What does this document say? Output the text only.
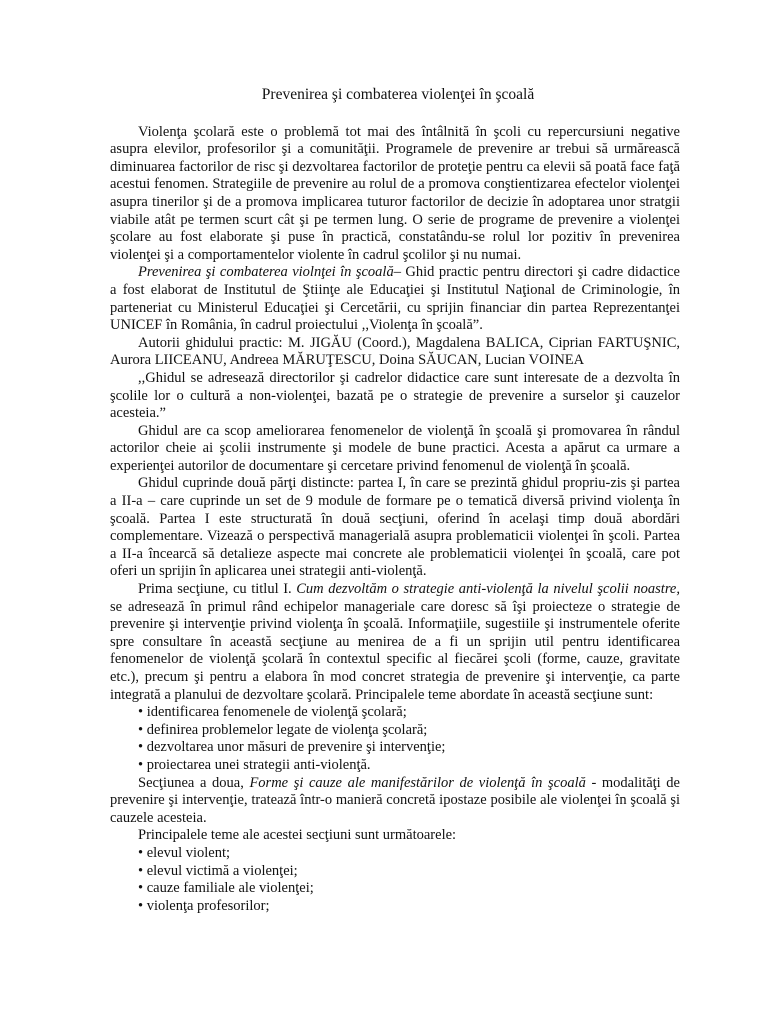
Prevenirea şi combaterea violenţei în şcoală

Violenţa şcolară este o problemă tot mai des întâlnită în şcoli cu repercursiuni negative asupra elevilor, profesorilor şi a comunităţii. Programele de prevenire ar trebui să urmărească diminuarea factorilor de risc şi dezvoltarea factorilor de proteţie pentru ca elevii să poată face faţă acestui fenomen. Strategiile de prevenire au rolul de a promova conştientizarea efectelor violenţei asupra tinerilor şi de a promova implicarea tuturor factorilor de decizie în adoptarea unor stratgii viabile atât pe termen scurt cât şi pe termen lung. O serie de programe de prevenire a violenţei şcolare au fost elaborate şi puse în practică, constatându-se rolul lor pozitiv în prevenirea violenţei şi a comportamentelor violente în cadrul şcolilor şi nu numai.

Prevenirea şi combaterea violnţei în şcoală– Ghid practic pentru directori şi cadre didactice a fost elaborat de Institutul de Ştiinţe ale Educaţiei şi Institutul Naţional de Criminologie, în parteneriat cu Ministerul Educaţiei şi Cercetării, cu sprijin financiar din partea Reprezentanţei UNICEF în România, în cadrul proiectului ,,Violenţa în şcoală”.

Autorii ghidului practic: M. JIGĂU (Coord.), Magdalena BALICA, Ciprian FARTUŞNIC, Aurora LIICEANU, Andreea MĂRUŢESCU, Doina SĂUCAN, Lucian VOINEA

,,Ghidul se adresează directorilor şi cadrelor didactice care sunt interesate de a dezvolta în şcolile lor o cultură a non-violenţei, bazată pe o strategie de prevenire a surselor şi cauzelor acesteia.”

Ghidul are ca scop ameliorarea fenomenelor de violenţă în şcoală şi promovarea în rândul actorilor cheie ai şcolii instrumente şi modele de bune practici. Acesta a apărut ca urmare a experienţei autorilor de documentare şi cercetare privind fenomenul de violenţă în şcoală.

Ghidul cuprinde două părţi distincte: partea I, în care se prezintă ghidul propriu-zis şi partea a II-a – care cuprinde un set de 9 module de formare pe o tematică diversă privind violenţa în şcoală. Partea I este structurată în două secţiuni, oferind în acelaşi timp două abordări complementare. Vizează o perspectivă managerială asupra problematicii violenţei în şcoli. Partea a II-a încearcă să detalieze aspecte mai concrete ale problematicii violenţei în şcoală, care pot oferi un sprijin în aplicarea unei strategii anti-violenţă.

Prima secţiune, cu titlul I. Cum dezvoltăm o strategie anti-violenţă la nivelul şcolii noastre, se adresează în primul rând echipelor manageriale care doresc să îşi proiecteze o strategie de prevenire şi intervenţie privind violenţa în şcoală. Informaţiile, sugestiile şi instrumentele oferite spre consultare în această secţiune au menirea de a fi un sprijin util pentru identificarea fenomenelor de violenţă şcolară în contextul specific al fiecărei şcoli (forme, cauze, gravitate etc.), precum şi pentru a elabora în mod concret strategia de prevenire şi intervenţie, ca parte integrată a planului de dezvoltare şcolară. Principalele teme abordate în această secţiune sunt:

• identificarea fenomenele de violenţă şcolară;

• definirea problemelor legate de violenţa şcolară;

• dezvoltarea unor măsuri de prevenire şi intervenţie;

• proiectarea unei strategii anti-violenţă.

Secţiunea a doua, Forme şi cauze ale manifestărilor de violenţă în şcoală - modalităţi de prevenire şi intervenţie, tratează într-o manieră concretă ipostaze posibile ale violenţei în şcoală şi cauzele acesteia.

Principalele teme ale acestei secţiuni sunt următoarele:

• elevul violent;

• elevul victimă a violenţei;

• cauze familiale ale violenţei;

• violenţa profesorilor;
